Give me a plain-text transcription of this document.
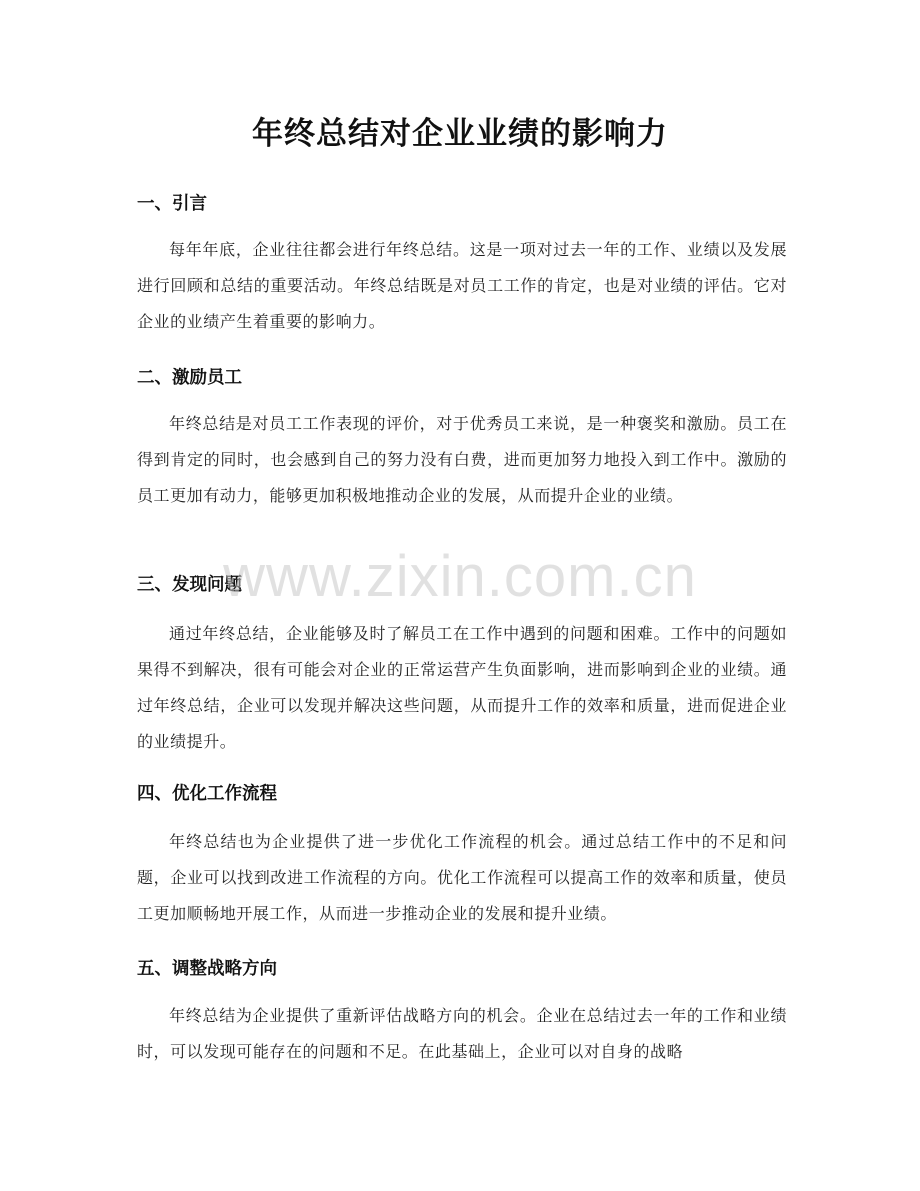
年终总结对企业业绩的影响力
一、引言

每年年底，企业往往都会进行年终总结。这是一项对过去一年的工作、业绩以及发展进行回顾和总结的重要活动。年终总结既是对员工工作的肯定，也是对业绩的评估。它对企业的业绩产生着重要的影响力。

二、激励员工

年终总结是对员工工作表现的评价，对于优秀员工来说，是一种褒奖和激励。员工在得到肯定的同时，也会感到自己的努力没有白费，进而更加努力地投入到工作中。激励的员工更加有动力，能够更加积极地推动企业的发展，从而提升企业的业绩。

三、发现问题

通过年终总结，企业能够及时了解员工在工作中遇到的问题和困难。工作中的问题如果得不到解决，很有可能会对企业的正常运营产生负面影响，进而影响到企业的业绩。通过年终总结，企业可以发现并解决这些问题，从而提升工作的效率和质量，进而促进企业的业绩提升。

四、优化工作流程

年终总结也为企业提供了进一步优化工作流程的机会。通过总结工作中的不足和问题，企业可以找到改进工作流程的方向。优化工作流程可以提高工作的效率和质量，使员工更加顺畅地开展工作，从而进一步推动企业的发展和提升业绩。

五、调整战略方向

年终总结为企业提供了重新评估战略方向的机会。企业在总结过去一年的工作和业绩时，可以发现可能存在的问题和不足。在此基础上，企业可以对自身的战略

www.zixin.com.cn
